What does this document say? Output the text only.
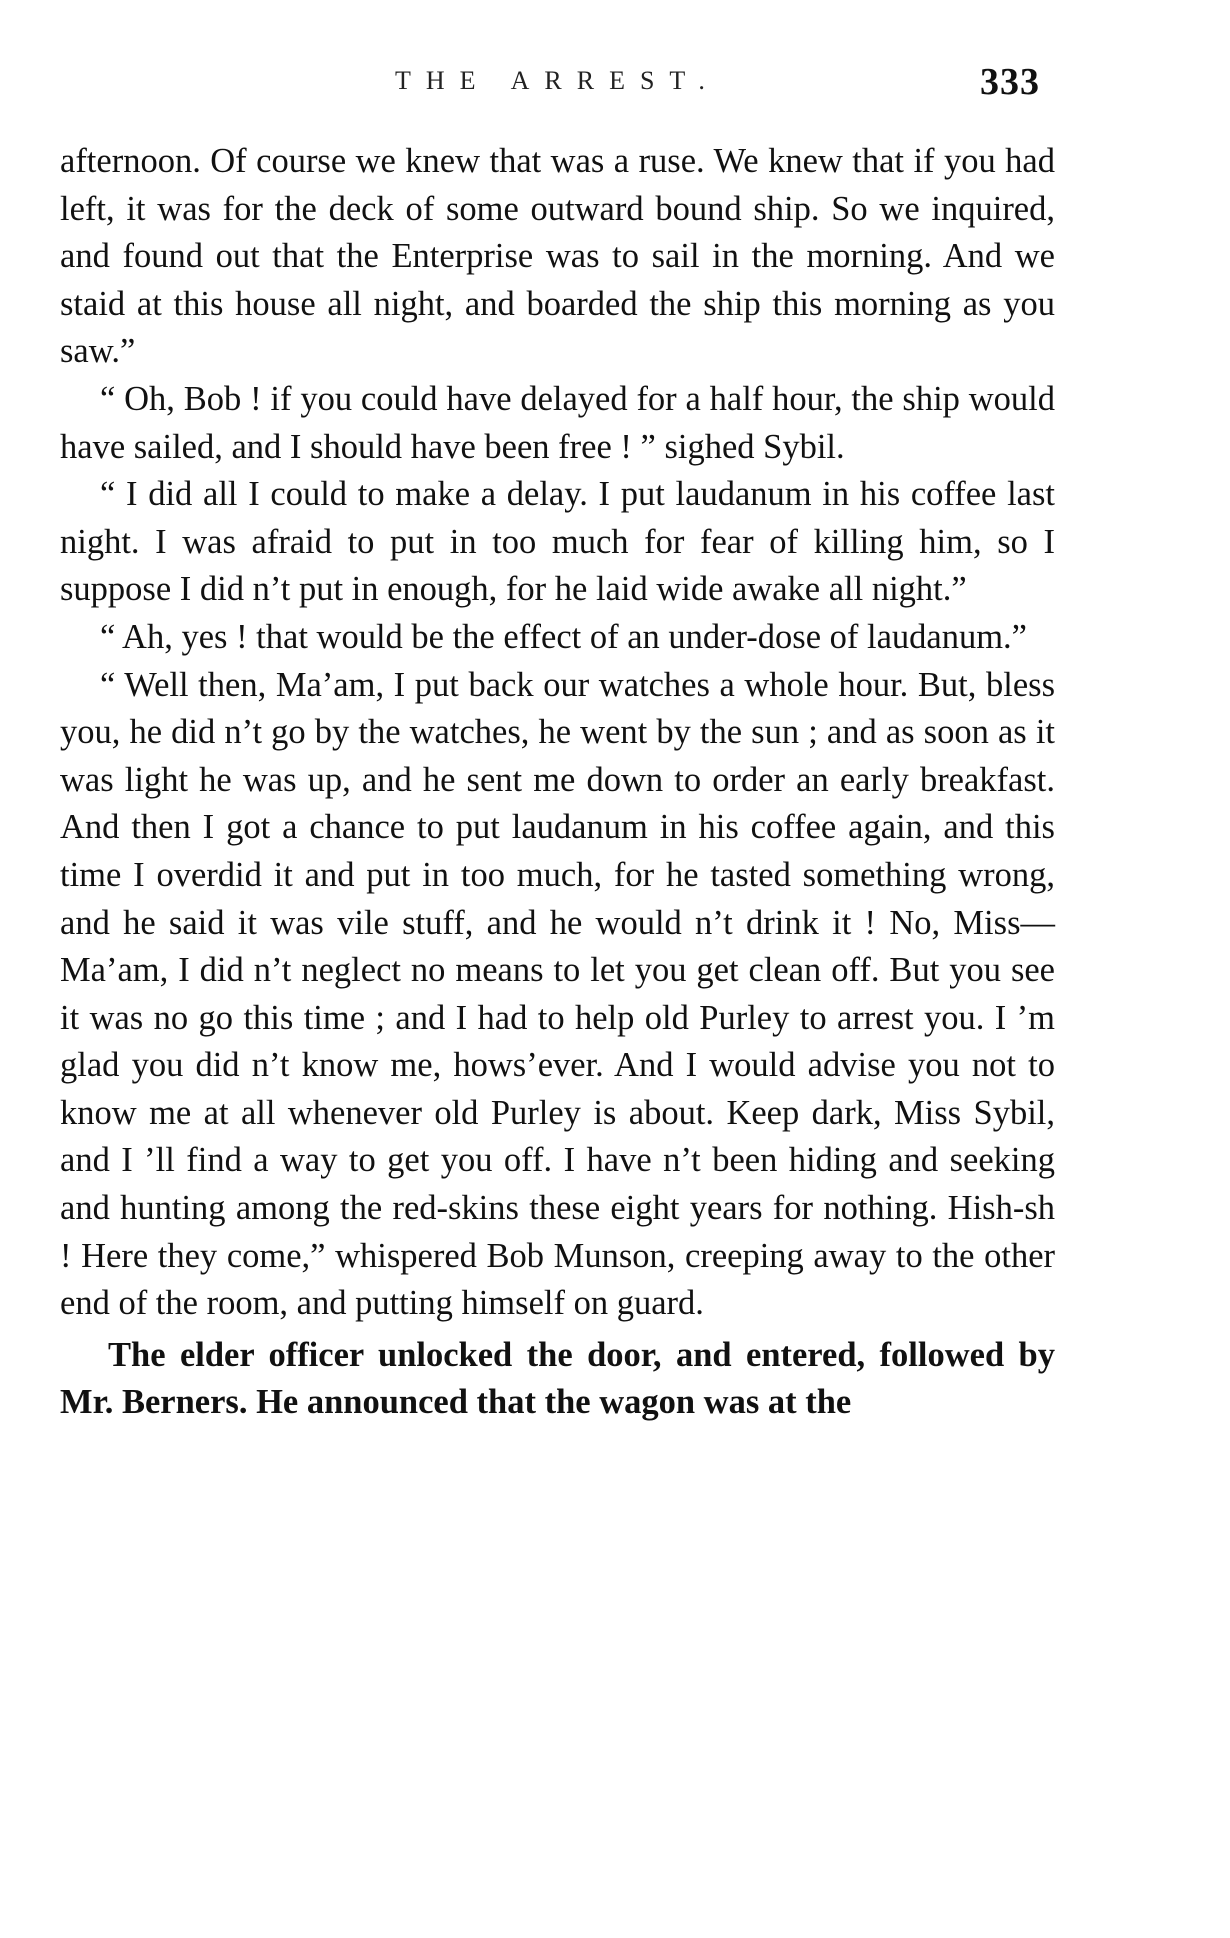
THE ARREST.	333

afternoon. Of course we knew that was a ruse. We knew that if you had left, it was for the deck of some outward bound ship. So we inquired, and found out that the Enterprise was to sail in the morning. And we staid at this house all night, and boarded the ship this morning as you saw.”

“ Oh, Bob ! if you could have delayed for a half hour, the ship would have sailed, and I should have been free ! ” sighed Sybil.

“ I did all I could to make a delay. I put laudanum in his coffee last night. I was afraid to put in too much for fear of killing him, so I suppose I did n’t put in enough, for he laid wide awake all night.”

“ Ah, yes ! that would be the effect of an under-dose of laudanum.”

“ Well then, Ma’am, I put back our watches a whole hour. But, bless you, he did n’t go by the watches, he went by the sun ; and as soon as it was light he was up, and he sent me down to order an early breakfast. And then I got a chance to put laudanum in his coffee again, and this time I overdid it and put in too much, for he tasted something wrong, and he said it was vile stuff, and he would n’t drink it ! No, Miss—Ma’am, I did n’t neglect no means to let you get clean off. But you see it was no go this time ; and I had to help old Purley to arrest you. I ’m glad you did n’t know me, hows’ever. And I would advise you not to know me at all whenever old Purley is about. Keep dark, Miss Sybil, and I ’ll find a way to get you off. I have n’t been hiding and seeking and hunting among the red-skins these eight years for nothing. Hish-sh ! Here they come,” whispered Bob Munson, creeping away to the other end of the room, and putting himself on guard.

The elder officer unlocked the door, and entered, followed by Mr. Berners. He announced that the wagon was at the
